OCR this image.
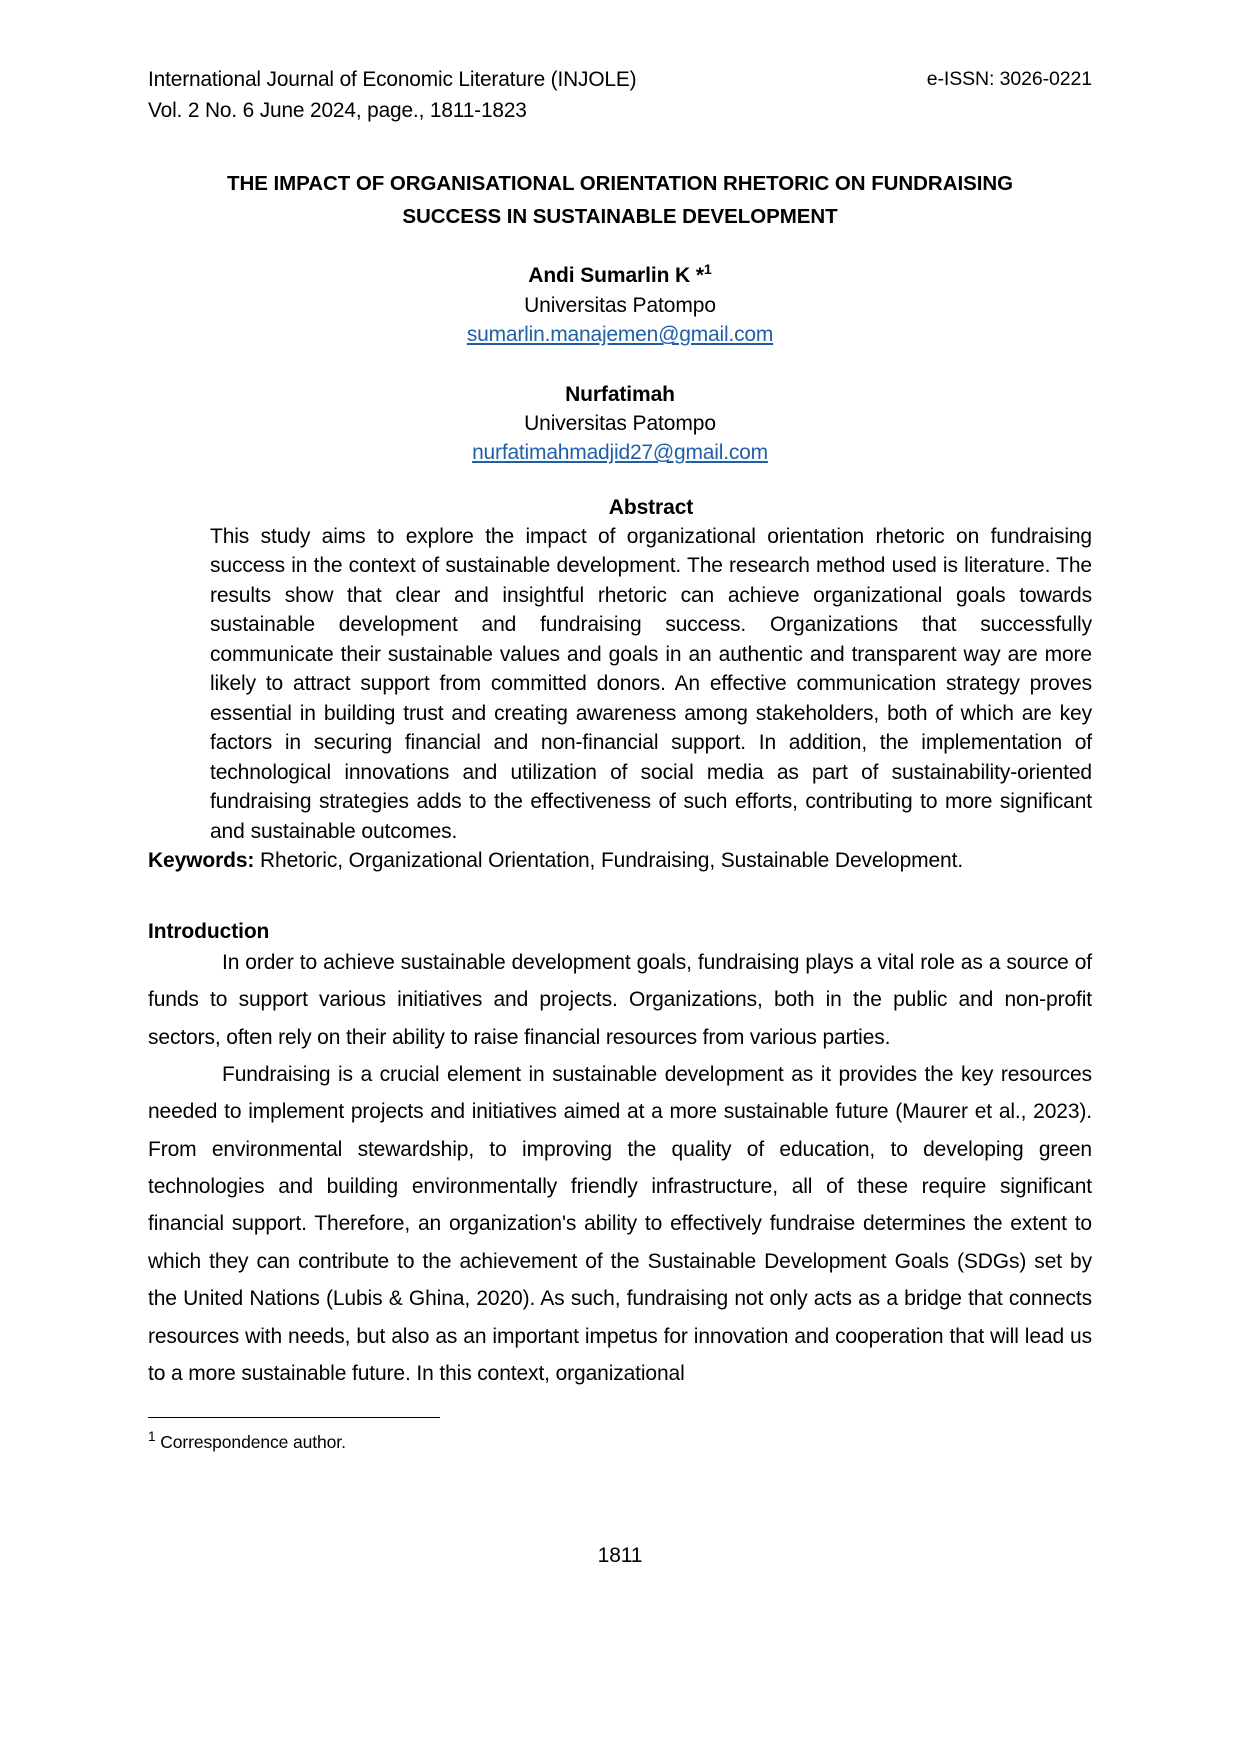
International Journal of Economic Literature (INJOLE)
Vol. 2 No. 6 June 2024, page., 1811-1823
e-ISSN: 3026-0221
THE IMPACT OF ORGANISATIONAL ORIENTATION RHETORIC ON FUNDRAISING
SUCCESS IN SUSTAINABLE DEVELOPMENT
Andi Sumarlin K *$^1$
Universitas Patompo
sumarlin.manajemen@gmail.com
Nurfatimah
Universitas Patompo
nurfatimahmadjid27@gmail.com
Abstract
This study aims to explore the impact of organizational orientation rhetoric on fundraising success in the context of sustainable development. The research method used is literature. The results show that clear and insightful rhetoric can achieve organizational goals towards sustainable development and fundraising success. Organizations that successfully communicate their sustainable values and goals in an authentic and transparent way are more likely to attract support from committed donors. An effective communication strategy proves essential in building trust and creating awareness among stakeholders, both of which are key factors in securing financial and non-financial support. In addition, the implementation of technological innovations and utilization of social media as part of sustainability-oriented fundraising strategies adds to the effectiveness of such efforts, contributing to more significant and sustainable outcomes.
Keywords: Rhetoric, Organizational Orientation, Fundraising, Sustainable Development.
Introduction
In order to achieve sustainable development goals, fundraising plays a vital role as a source of funds to support various initiatives and projects. Organizations, both in the public and non-profit sectors, often rely on their ability to raise financial resources from various parties.
Fundraising is a crucial element in sustainable development as it provides the key resources needed to implement projects and initiatives aimed at a more sustainable future (Maurer et al., 2023). From environmental stewardship, to improving the quality of education, to developing green technologies and building environmentally friendly infrastructure, all of these require significant financial support. Therefore, an organization's ability to effectively fundraise determines the extent to which they can contribute to the achievement of the Sustainable Development Goals (SDGs) set by the United Nations (Lubis & Ghina, 2020). As such, fundraising not only acts as a bridge that connects resources with needs, but also as an important impetus for innovation and cooperation that will lead us to a more sustainable future. In this context, organizational
$^1$ Correspondence author.
1811
